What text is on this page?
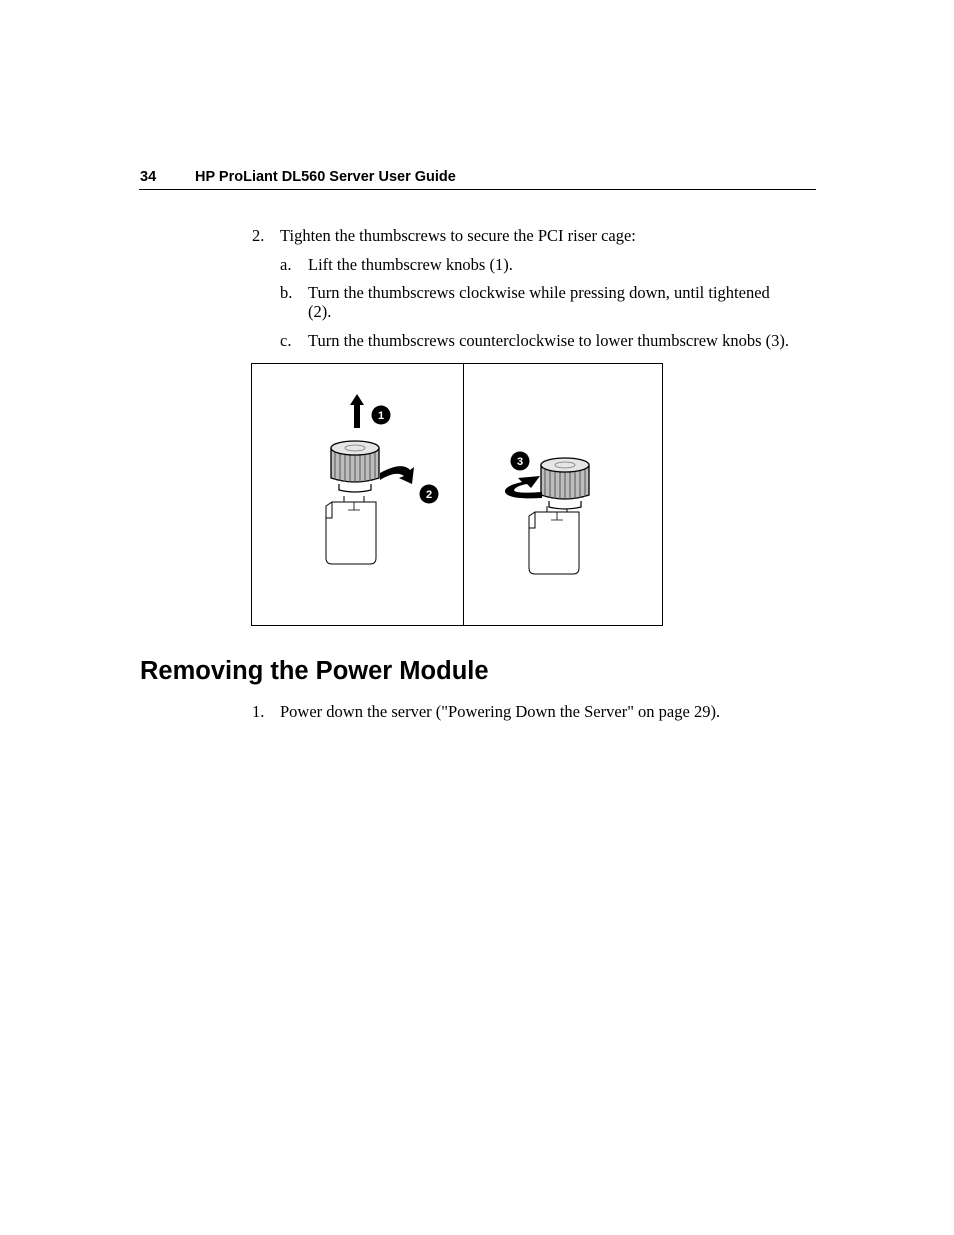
34	HP ProLiant DL560 Server User Guide
2. Tighten the thumbscrews to secure the PCI riser cage:
a. Lift the thumbscrew knobs (1).
b. Turn the thumbscrews clockwise while pressing down, until tightened
(2).
c. Turn the thumbscrews counterclockwise to lower thumbscrew knobs (3).
1
2
3
Removing the Power Module
1. Power down the server ("Powering Down the Server" on page 29).
